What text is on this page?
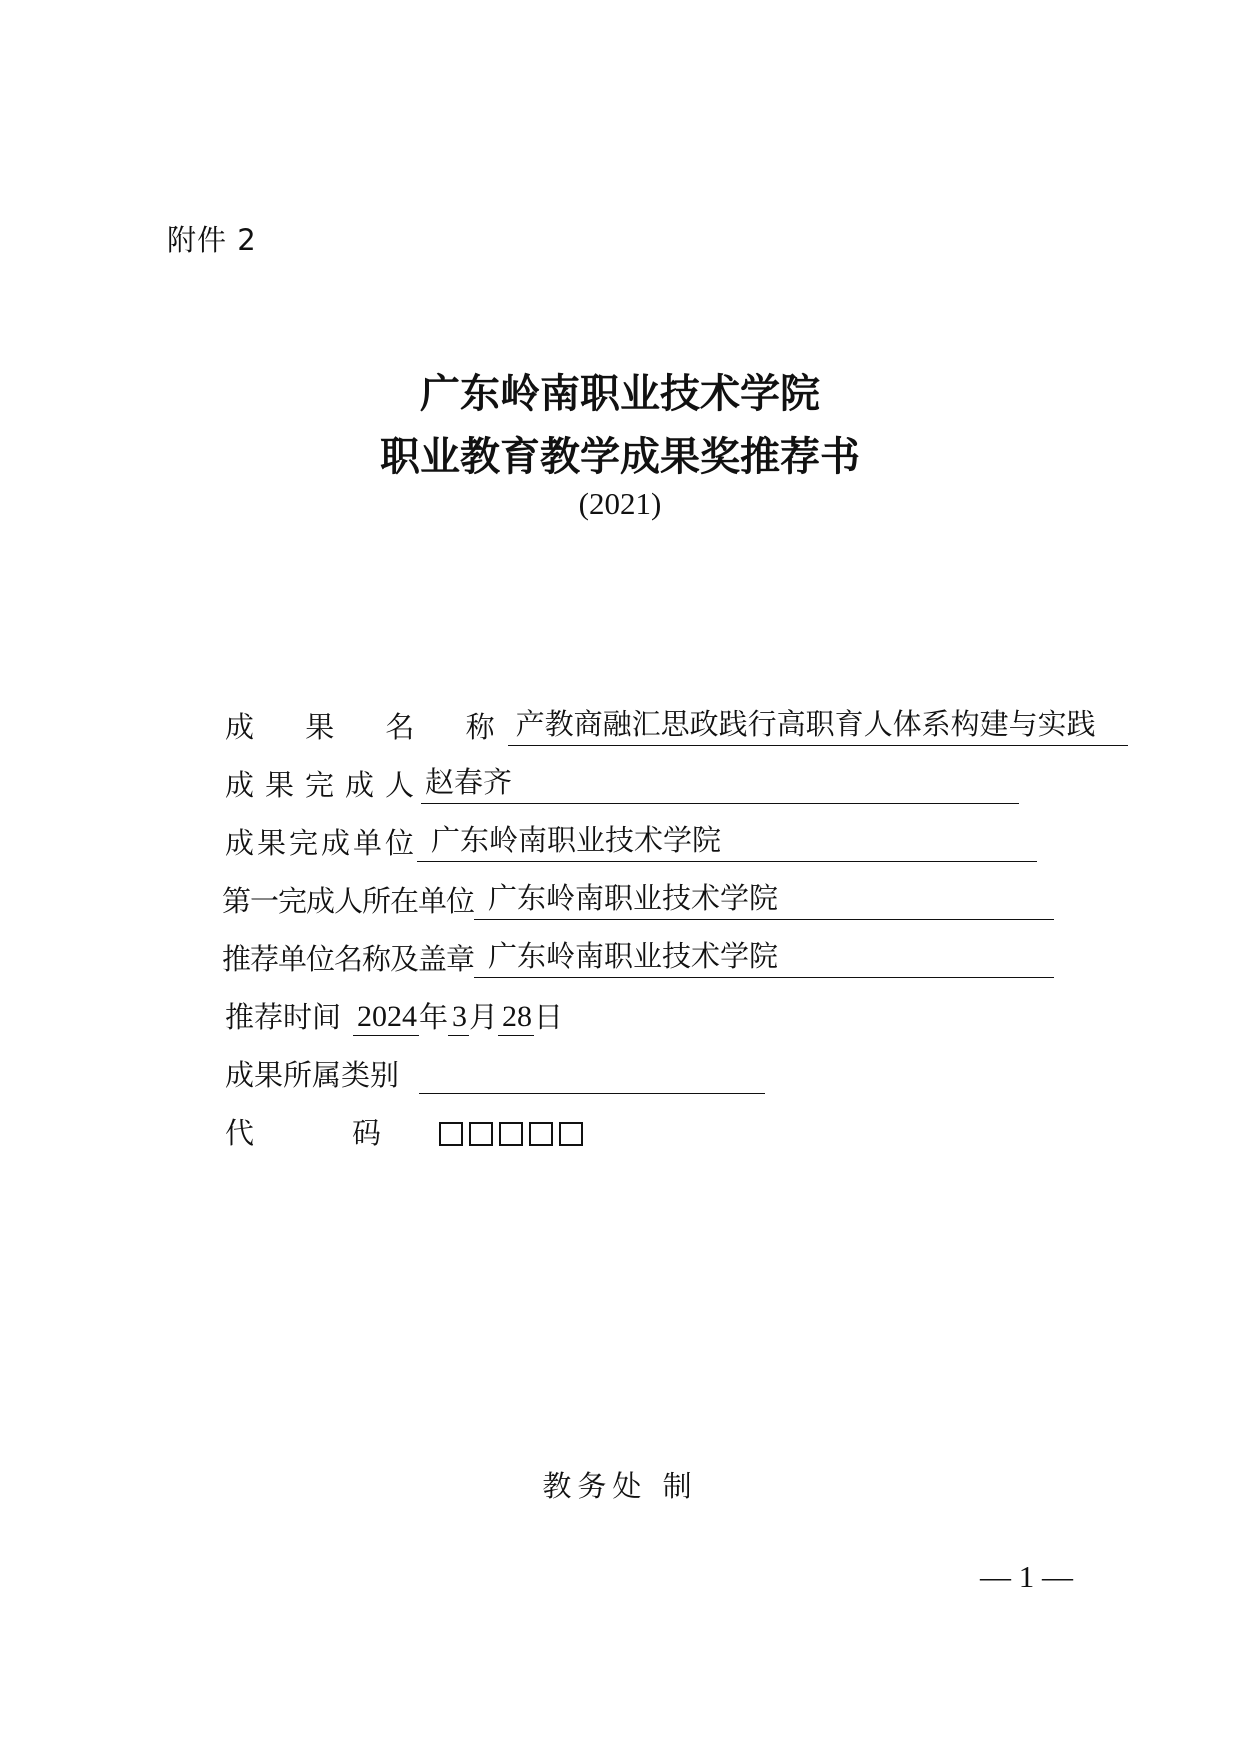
附件 2
广东岭南职业技术学院
职业教育教学成果奖推荐书
(2021)
成 果 名 称 产教商融汇思政践行高职育人体系构建与实践
成果完成人 赵春齐
成果完成单位 广东岭南职业技术学院
第一完成人所在单位 广东岭南职业技术学院
推荐单位名称及盖章 广东岭南职业技术学院
推荐时间 2024 年 3 月 28 日
成果所属类别
代	码
教务处 制
— 1 —
